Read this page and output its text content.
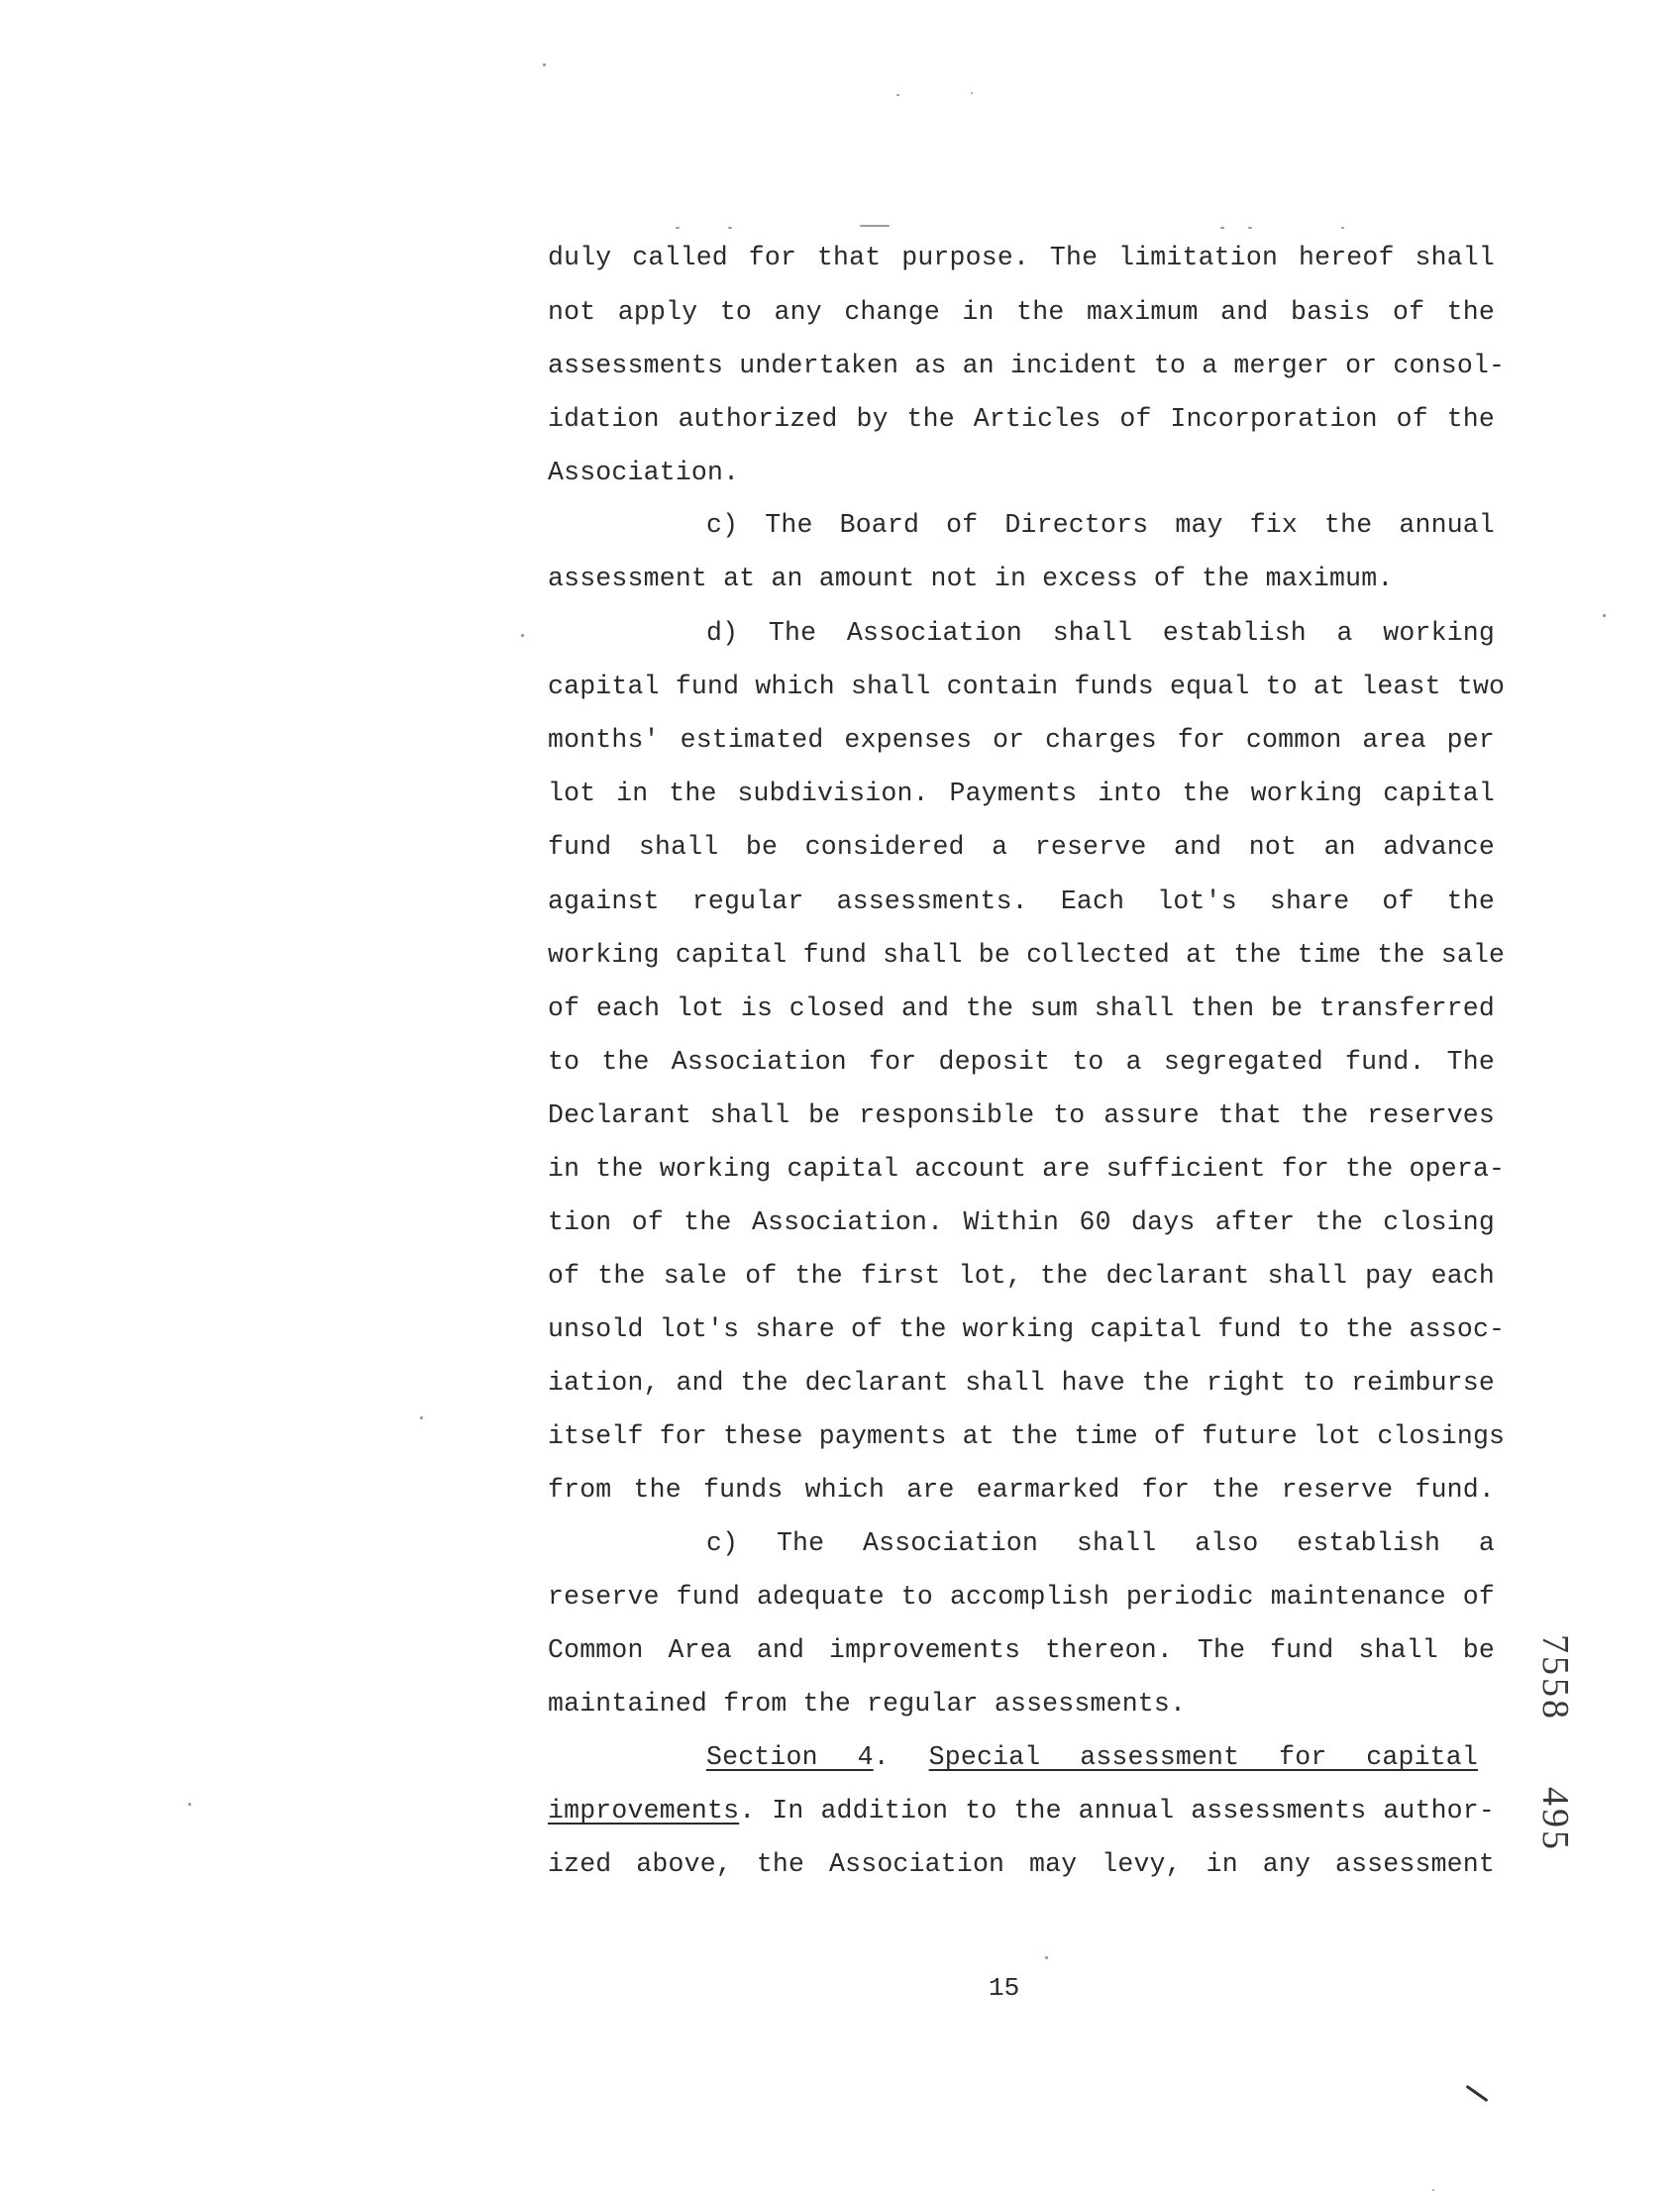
duly called for that purpose. The limitation hereof shall
not apply to any change in the maximum and basis of the
assessments undertaken as an incident to a merger or consol-
idation authorized by the Articles of Incorporation of the
Association.
c) The Board of Directors may fix the annual
assessment at an amount not in excess of the maximum.
d) The Association shall establish a working
capital fund which shall contain funds equal to at least two
months' estimated expenses or charges for common area per
lot in the subdivision. Payments into the working capital
fund shall be considered a reserve and not an advance
against regular assessments. Each lot's share of the
working capital fund shall be collected at the time the sale
of each lot is closed and the sum shall then be transferred
to the Association for deposit to a segregated fund. The
Declarant shall be responsible to assure that the reserves
in the working capital account are sufficient for the opera-
tion of the Association. Within 60 days after the closing
of the sale of the first lot, the declarant shall pay each
unsold lot's share of the working capital fund to the assoc-
iation, and the declarant shall have the right to reimburse
itself for these payments at the time of future lot closings
from the funds which are earmarked for the reserve fund.
c) The Association shall also establish a
reserve fund adequate to accomplish periodic maintenance of
Common Area and improvements thereon. The fund shall be
maintained from the regular assessments.
Section 4. Special assessment for capital
improvements. In addition to the annual assessments author-
ized above, the Association may levy, in any assessment
15
7558495
